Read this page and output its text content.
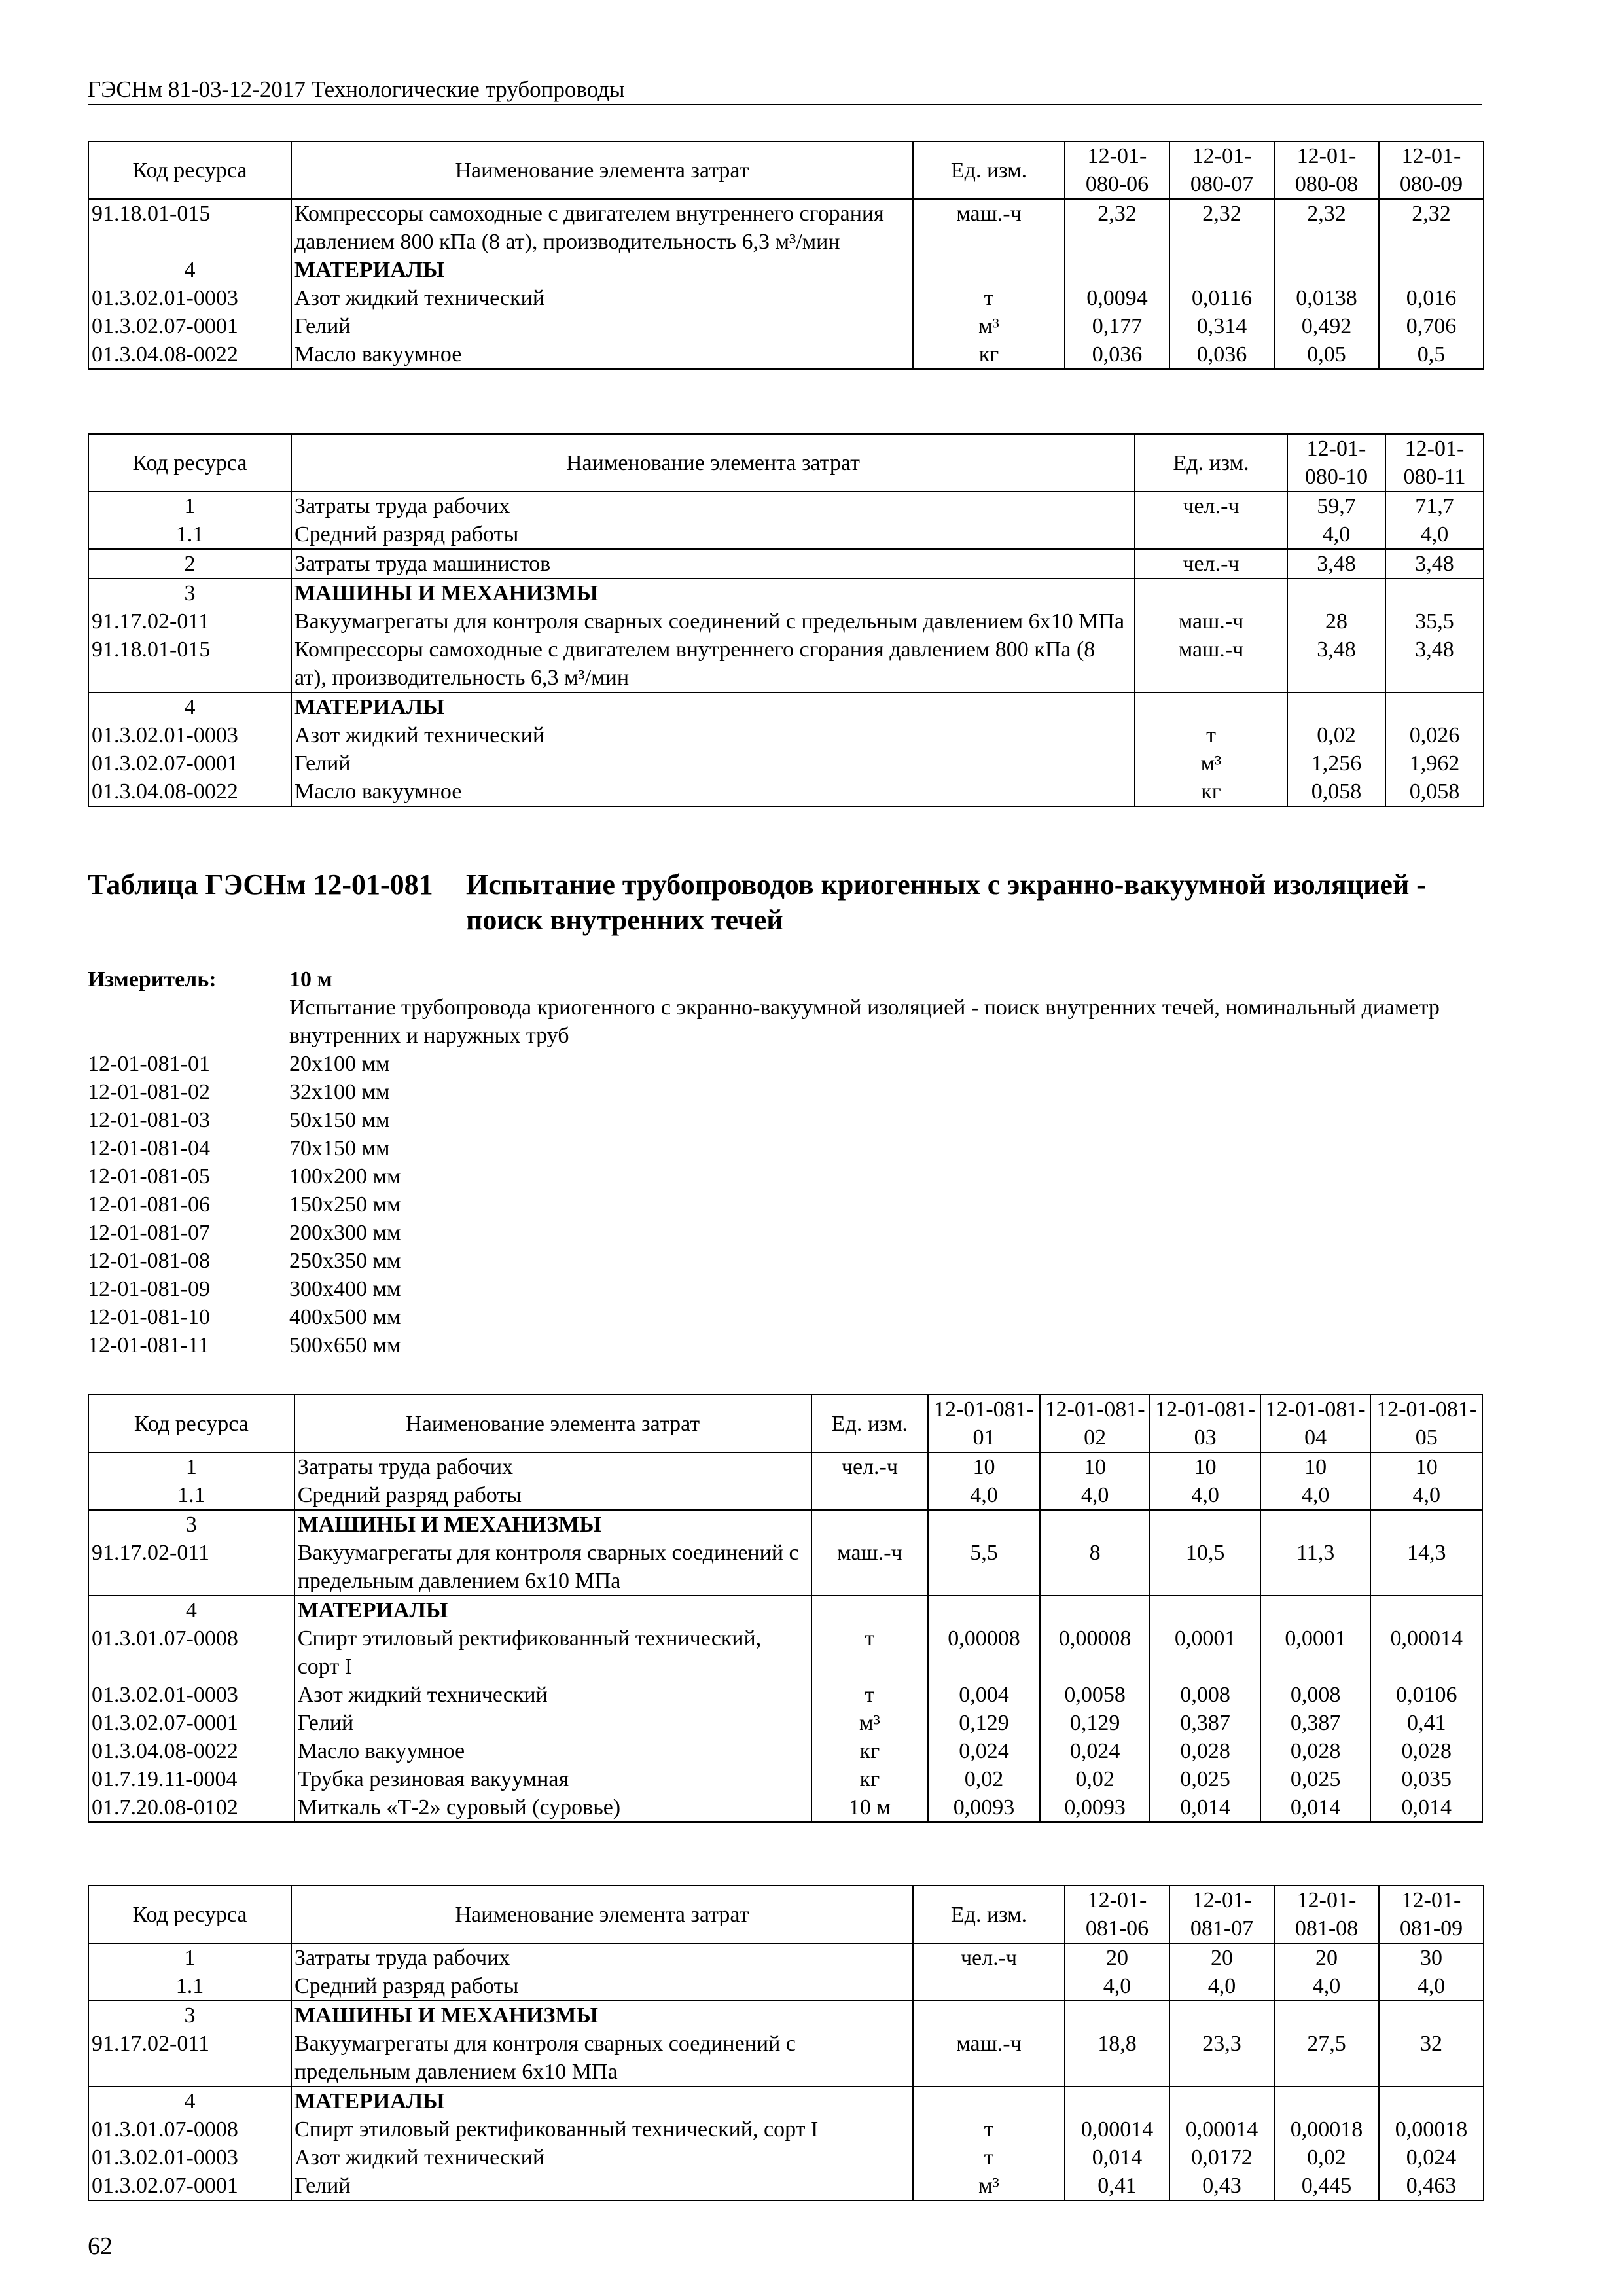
ГЭСНм 81-03-12-2017 Технологические трубопроводы
Код ресурса	Наименование элемента затрат	Ед. изм.	12-01-080-06	12-01-080-07	12-01-080-08	12-01-080-09
91.18.01-015	Компрессоры самоходные с двигателем внутреннего сгорания давлением 800 кПа (8 ат), производительность 6,3 м³/мин	маш.-ч	2,32	2,32	2,32	2,32
4	МАТЕРИАЛЫ					
01.3.02.01-0003	Азот жидкий технический	т	0,0094	0,0116	0,0138	0,016
01.3.02.07-0001	Гелий	м³	0,177	0,314	0,492	0,706
01.3.04.08-0022	Масло вакуумное	кг	0,036	0,036	0,05	0,5
Код ресурса	Наименование элемента затрат	Ед. изм.	12-01-080-10	12-01-080-11
1	Затраты труда рабочих	чел.-ч	59,7	71,7
1.1	Средний разряд работы		4,0	4,0
2	Затраты труда машинистов	чел.-ч	3,48	3,48
3	МАШИНЫ И МЕХАНИЗМЫ			
91.17.02-011	Вакуумагрегаты для контроля сварных соединений с предельным давлением 6x10 МПа	маш.-ч	28	35,5
91.18.01-015	Компрессоры самоходные с двигателем внутреннего сгорания давлением 800 кПа (8 ат), производительность 6,3 м³/мин	маш.-ч	3,48	3,48
4	МАТЕРИАЛЫ			
01.3.02.01-0003	Азот жидкий технический	т	0,02	0,026
01.3.02.07-0001	Гелий	м³	1,256	1,962
01.3.04.08-0022	Масло вакуумное	кг	0,058	0,058
Таблица ГЭСНм 12-01-081 Испытание трубопроводов криогенных с экранно-вакуумной изоляцией - поиск внутренних течей
Измеритель:	10 м
Испытание трубопровода криогенного с экранно-вакуумной изоляцией - поиск внутренних течей, номинальный диаметр внутренних и наружных труб
12-01-081-01	20x100 мм
12-01-081-02	32x100 мм
12-01-081-03	50x150 мм
12-01-081-04	70x150 мм
12-01-081-05	100x200 мм
12-01-081-06	150x250 мм
12-01-081-07	200x300 мм
12-01-081-08	250x350 мм
12-01-081-09	300x400 мм
12-01-081-10	400x500 мм
12-01-081-11	500x650 мм
Код ресурса	Наименование элемента затрат	Ед. изм.	12-01-081-01	12-01-081-02	12-01-081-03	12-01-081-04	12-01-081-05
1	Затраты труда рабочих	чел.-ч	10	10	10	10	10
1.1	Средний разряд работы		4,0	4,0	4,0	4,0	4,0
3	МАШИНЫ И МЕХАНИЗМЫ						
91.17.02-011	Вакуумагрегаты для контроля сварных соединений с предельным давлением 6x10 МПа	маш.-ч	5,5	8	10,5	11,3	14,3
4	МАТЕРИАЛЫ						
01.3.01.07-0008	Спирт этиловый ректификованный технический, сорт I	т	0,00008	0,00008	0,0001	0,0001	0,00014
01.3.02.01-0003	Азот жидкий технический	т	0,004	0,0058	0,008	0,008	0,0106
01.3.02.07-0001	Гелий	м³	0,129	0,129	0,387	0,387	0,41
01.3.04.08-0022	Масло вакуумное	кг	0,024	0,024	0,028	0,028	0,028
01.7.19.11-0004	Трубка резиновая вакуумная	кг	0,02	0,02	0,025	0,025	0,035
01.7.20.08-0102	Миткаль «Т-2» суровый (суровье)	10 м	0,0093	0,0093	0,014	0,014	0,014
Код ресурса	Наименование элемента затрат	Ед. изм.	12-01-081-06	12-01-081-07	12-01-081-08	12-01-081-09
1	Затраты труда рабочих	чел.-ч	20	20	20	30
1.1	Средний разряд работы		4,0	4,0	4,0	4,0
3	МАШИНЫ И МЕХАНИЗМЫ					
91.17.02-011	Вакуумагрегаты для контроля сварных соединений с предельным давлением 6x10 МПа	маш.-ч	18,8	23,3	27,5	32
4	МАТЕРИАЛЫ					
01.3.01.07-0008	Спирт этиловый ректификованный технический, сорт I	т	0,00014	0,00014	0,00018	0,00018
01.3.02.01-0003	Азот жидкий технический	т	0,014	0,0172	0,02	0,024
01.3.02.07-0001	Гелий	м³	0,41	0,43	0,445	0,463
62
